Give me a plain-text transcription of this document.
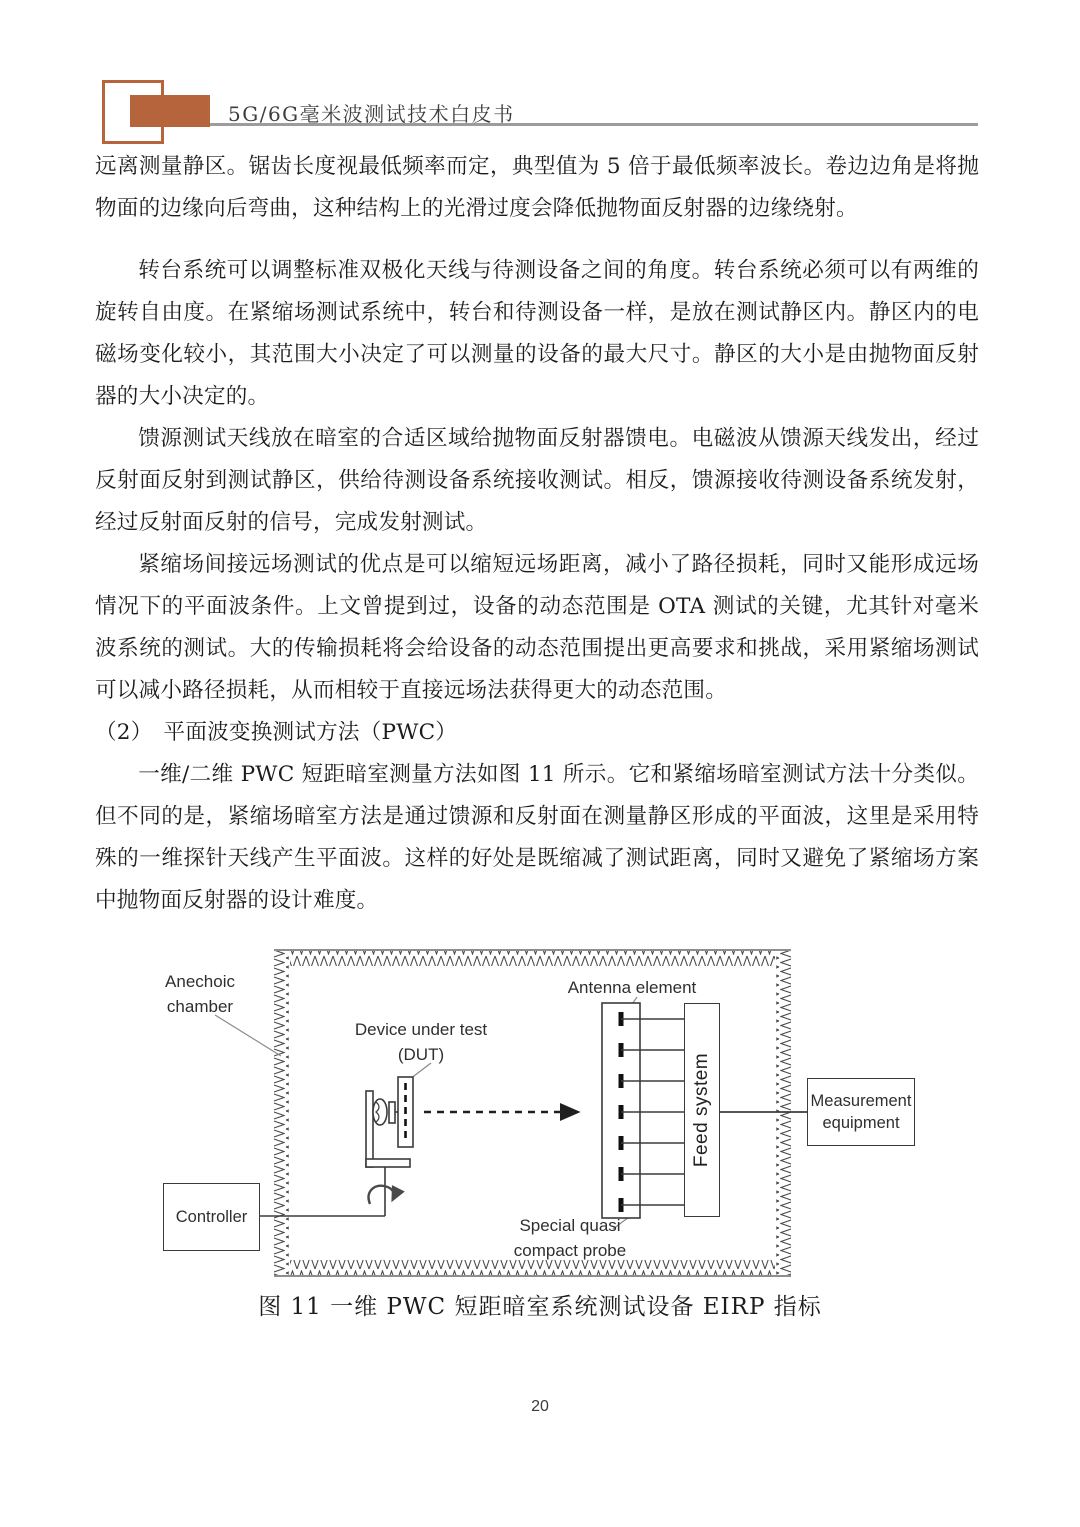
5G/6G毫米波测试技术白皮书

远离测量静区。锯齿长度视最低频率而定，典型值为 5 倍于最低频率波长。卷边边角是将抛物面的边缘向后弯曲，这种结构上的光滑过度会降低抛物面反射器的边缘绕射。

转台系统可以调整标准双极化天线与待测设备之间的角度。转台系统必须可以有两维的旋转自由度。在紧缩场测试系统中，转台和待测设备一样，是放在测试静区内。静区内的电磁场变化较小，其范围大小决定了可以测量的设备的最大尺寸。静区的大小是由抛物面反射器的大小决定的。

馈源测试天线放在暗室的合适区域给抛物面反射器馈电。电磁波从馈源天线发出，经过反射面反射到测试静区，供给待测设备系统接收测试。相反，馈源接收待测设备系统发射，经过反射面反射的信号，完成发射测试。

紧缩场间接远场测试的优点是可以缩短远场距离，减小了路径损耗，同时又能形成远场情况下的平面波条件。上文曾提到过，设备的动态范围是 OTA 测试的关键，尤其针对毫米波系统的测试。大的传输损耗将会给设备的动态范围提出更高要求和挑战，采用紧缩场测试可以减小路径损耗，从而相较于直接远场法获得更大的动态范围。

（2）　平面波变换测试方法（PWC）

一维/二维 PWC 短距暗室测量方法如图 11 所示。它和紧缩场暗室测试方法十分类似。但不同的是，紧缩场暗室方法是通过馈源和反射面在测量静区形成的平面波，这里是采用特殊的一维探针天线产生平面波。这样的好处是既缩减了测试距离，同时又避免了紧缩场方案中抛物面反射器的设计难度。

Anechoic chamber
Device under test (DUT)
Antenna element
Special quasi compact probe
Feed system	Measurement equipment
Controller
图 11 一维 PWC 短距暗室系统测试设备 EIRP 指标
20
